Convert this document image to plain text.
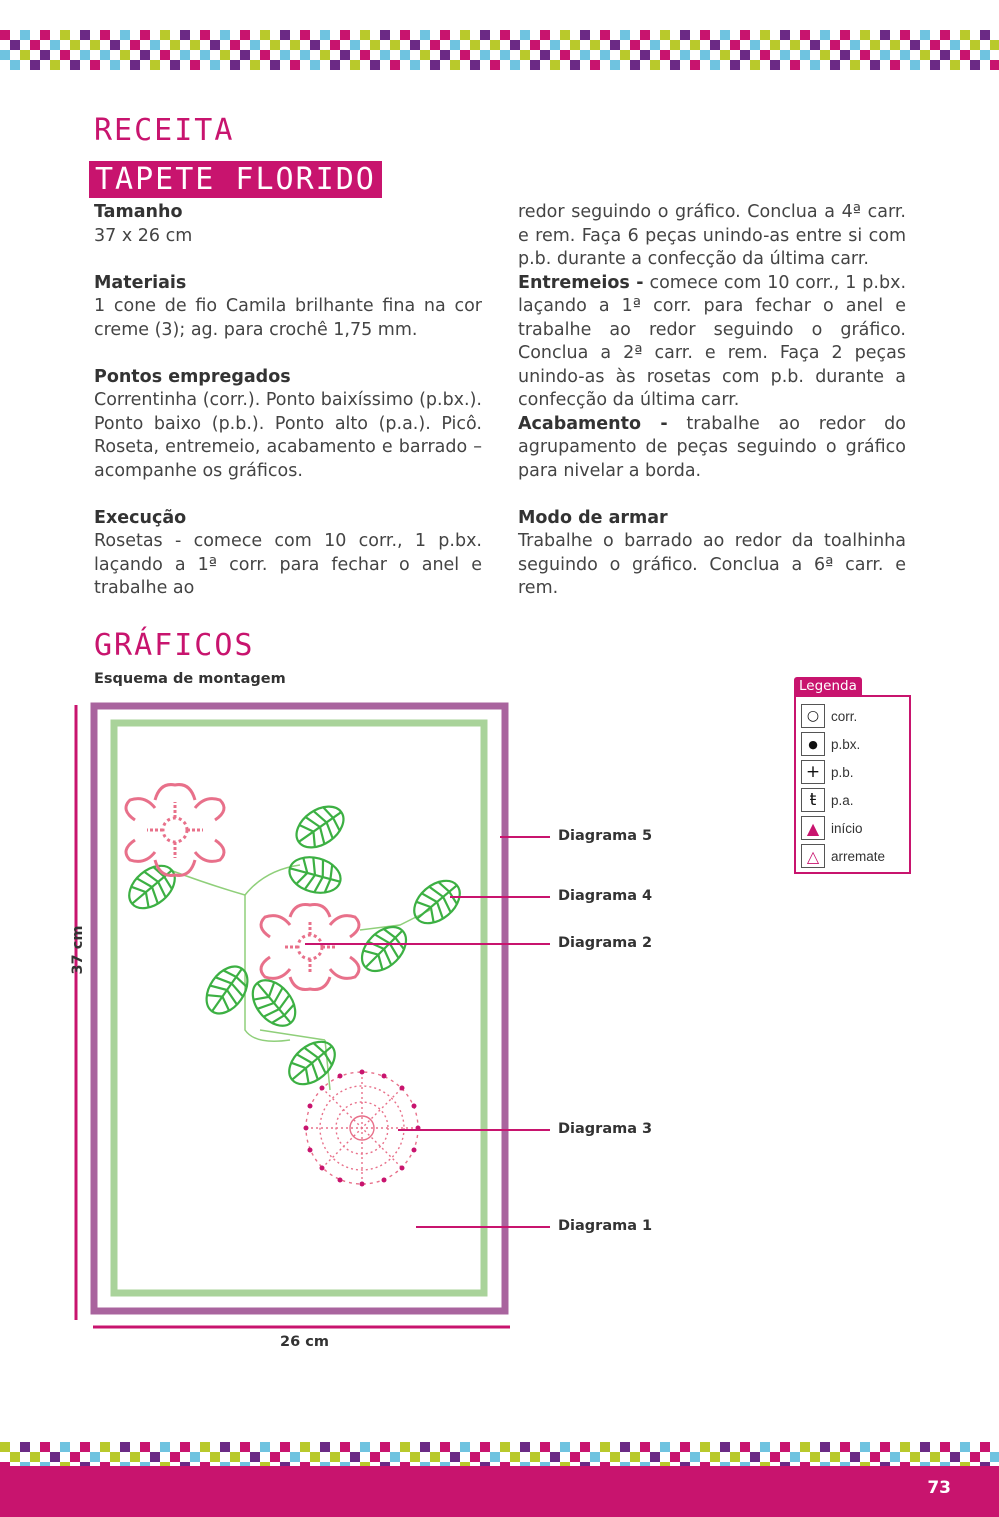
RECEITA
TAPETE FLORIDO

Tamanho

37 x 26 cm

Materiais

1 cone de fio Camila brilhante fina na cor creme (3); ag. para crochê 1,75 mm.

Pontos empregados

Correntinha (corr.). Ponto baixíssimo (p.bx.). Ponto baixo (p.b.). Ponto alto (p.a.). Picô. Roseta, entremeio, acabamento e barrado – acompanhe os gráficos.

Execução

Rosetas - comece com 10 corr., 1 p.bx. laçando a 1ª corr. para fechar o anel e trabalhe ao

redor seguindo o gráfico. Conclua a 4ª carr. e rem. Faça 6 peças unindo-as entre si com p.b. durante a confecção da última carr.

Entremeios - comece com 10 corr., 1 p.bx. laçando a 1ª corr. para fechar o anel e trabalhe ao redor seguindo o gráfico. Conclua a 2ª carr. e rem. Faça 2 peças unindo-as às rosetas com p.b. durante a confecção da última carr.

Acabamento - trabalhe ao redor do agrupamento de peças seguindo o gráfico para nivelar a borda.

Modo de armar

Trabalhe o barrado ao redor da toalhinha seguindo o gráfico. Conclua a 6ª carr. e rem.

GRÁFICOS
Esquema de montagem
Diagrama 5
Diagrama 4
Diagrama 2
Diagrama 3
Diagrama 1
37 cm
26 cm
Legenda
○ corr.
● p.bx.
+ p.b.
ŧ	p.a.
▲ início
△ arremate
73
